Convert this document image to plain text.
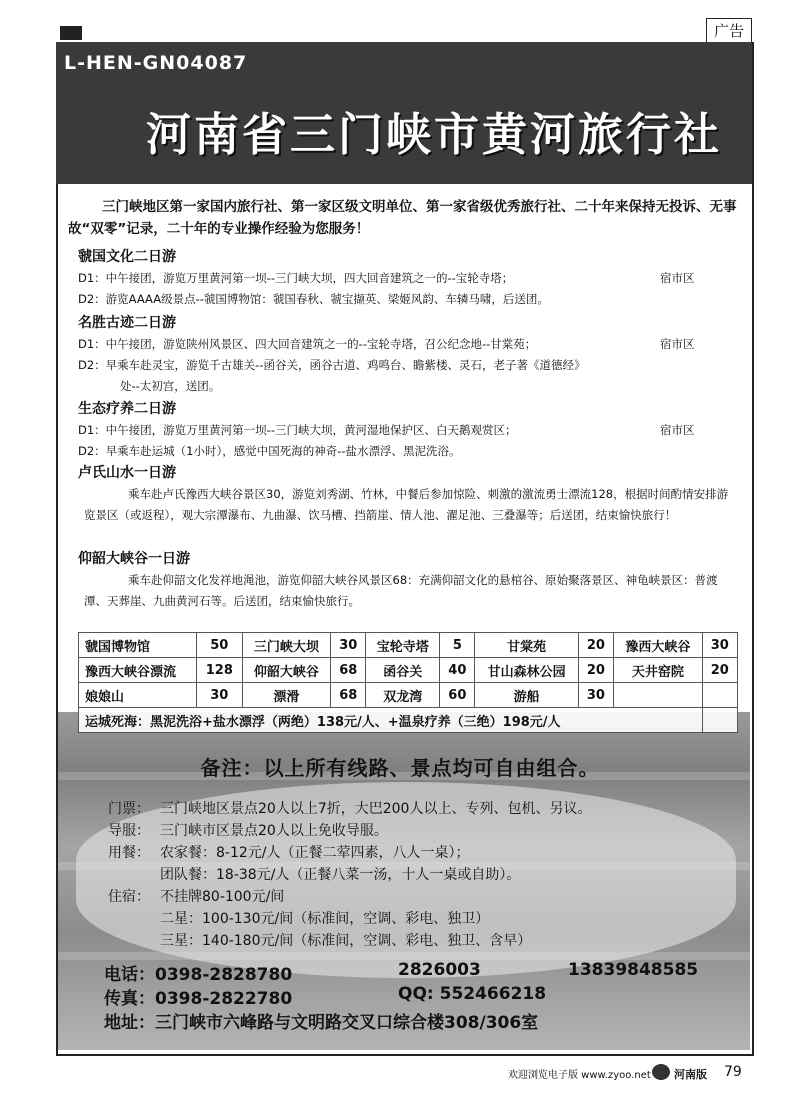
广告
L-HEN-GN04087
河南省三门峡市黄河旅行社
三门峡地区第一家国内旅行社、第一家区级文明单位、第一家省级优秀旅行社、二十年来保持无投诉、无事故“双零”记录，二十年的专业操作经验为您服务！
虢国文化二日游
D1：中午接团，游览万里黄河第一坝--三门峡大坝，四大回音建筑之一的--宝轮寺塔；	宿市区
D2：游览AAAA级景点--虢国博物馆：虢国春秋、虢宝撷英、梁姬风韵、车辚马啸，后送团。
名胜古迹二日游
D1：中午接团，游览陕州风景区、四大回音建筑之一的--宝轮寺塔，召公纪念地--甘棠苑；	宿市区
D2：早乘车赴灵宝，游览千古雄关--函谷关，函谷古道、鸡鸣台、瞻紫楼、灵石，老子著《道德经》
处--太初宫，送团。
生态疗养二日游
D1：中午接团，游览万里黄河第一坝--三门峡大坝，黄河湿地保护区、白天鹅观赏区；	宿市区
D2：早乘车赴运城（1小时），感觉中国死海的神奇--盐水漂浮、黑泥洗浴。
卢氏山水一日游
乘车赴卢氏豫西大峡谷景区30，游览刘秀湖、竹林，中餐后参加惊险、刺激的激流勇士漂流128，根据时间酌情安排游览景区（或返程），观大宗潭瀑布、九曲瀑、饮马槽、挡箭崖、情人池、濯足池、三叠瀑等；后送团，结束愉快旅行！
仰韶大峡谷一日游
乘车赴仰韶文化发祥地渑池，游览仰韶大峡谷风景区68：充满仰韶文化的悬棺谷、原始聚落景区、神龟峡景区：普渡潭、天葬崖、九曲黄河石等。后送团，结束愉快旅行。
虢国博物馆	50	三门峡大坝	30	宝轮寺塔	5	甘棠苑	20	豫西大峡谷	30
豫西大峡谷漂流	128	仰韶大峡谷	68	函谷关	40	甘山森林公园	20	天井窑院	20
娘娘山	30	漂滑	68	双龙湾	60	游船	30		
运城死海：黑泥洗浴+盐水漂浮（两绝）138元/人、+温泉疗养（三绝）198元/人									
备注：以上所有线路、景点均可自由组合。
门票： 三门峡地区景点20人以上7折，大巴200人以上、专列、包机、另议。
导服： 三门峡市区景点20人以上免收导服。
用餐： 农家餐：8-12元/人（正餐二荤四素，八人一桌）；
团队餐：18-38元/人（正餐八菜一汤，十人一桌或自助）。
住宿： 不挂牌80-100元/间
二星：100-130元/间（标准间，空调、彩电、独卫）
三星：140-180元/间（标准间，空调、彩电、独卫、含早）
电话：0398-2828780	2826003	13839848585
传真：0398-2822780	QQ: 552466218
地址：三门峡市六峰路与文明路交叉口综合楼308/306室
欢迎浏览电子版 www.zyoo.net 河南版 79
